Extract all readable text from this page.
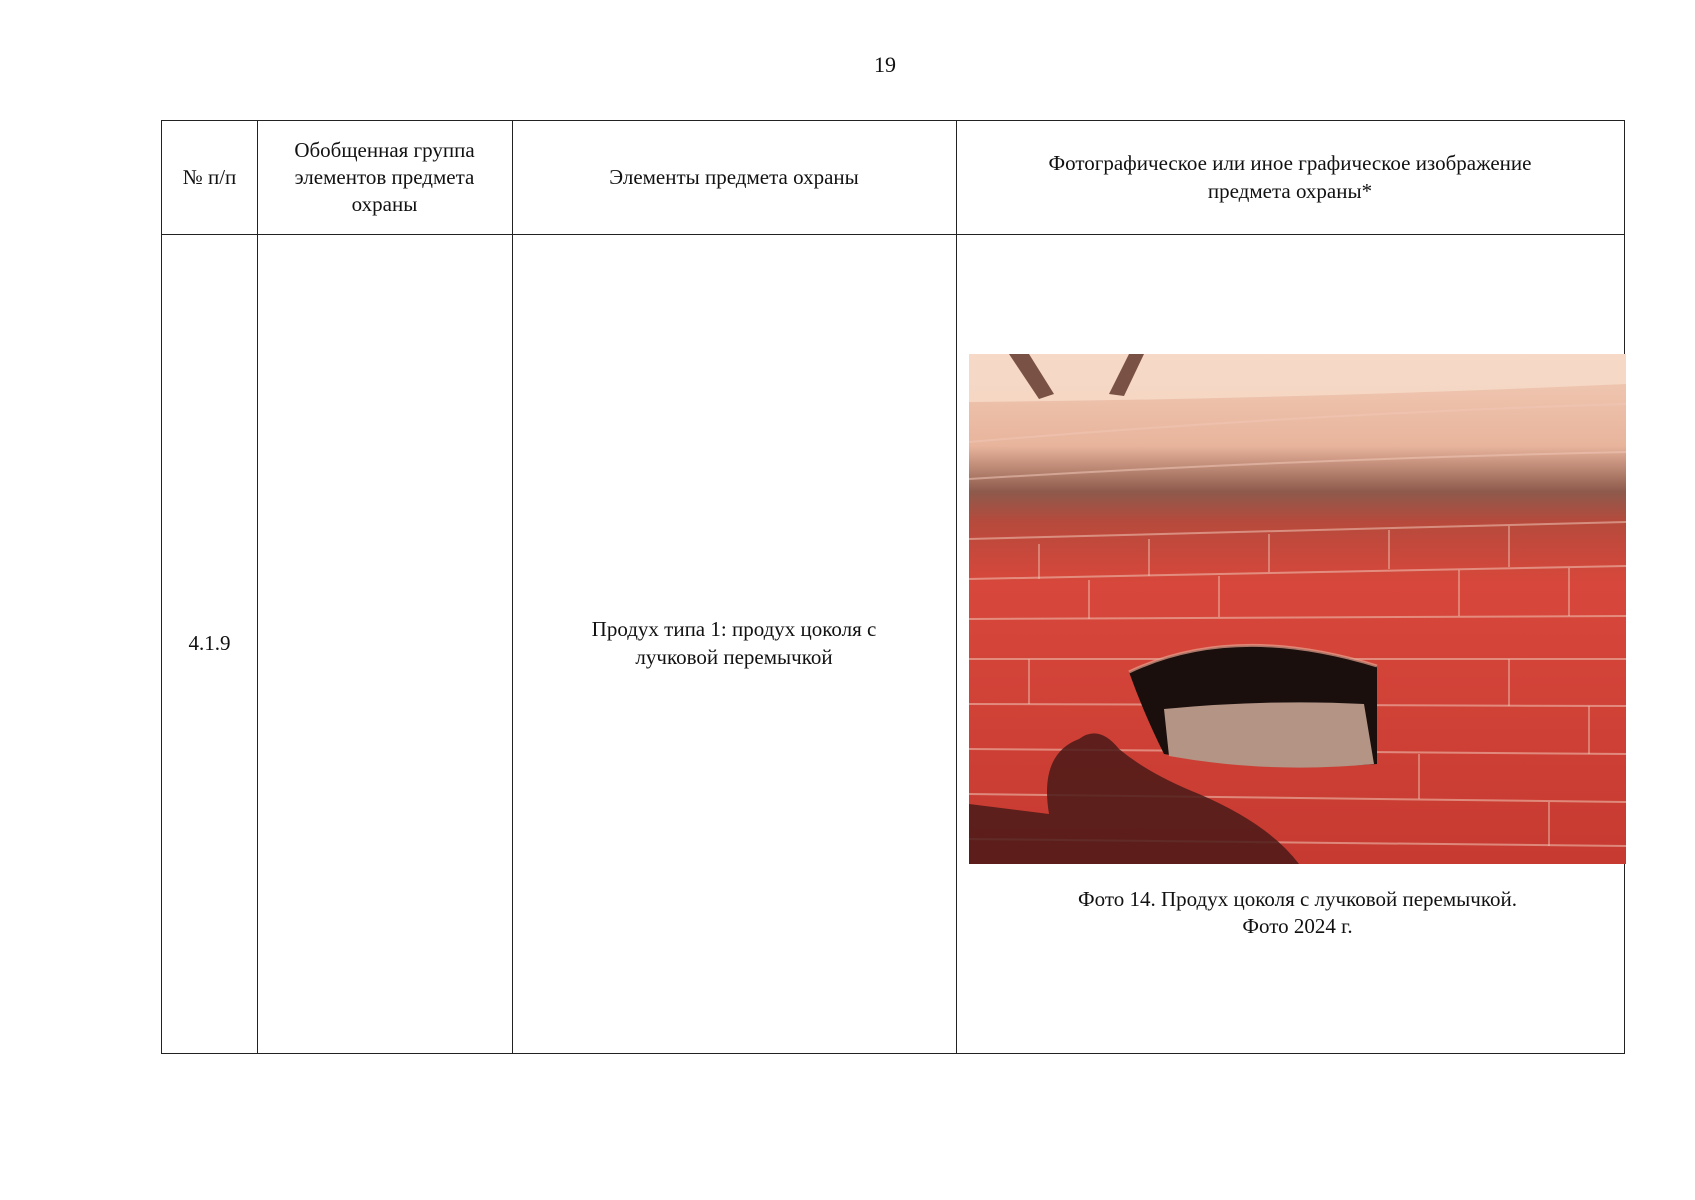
19
№ п/п
Обобщенная группа элементов предмета охраны
Элементы предмета охраны
Фотографическое или иное графическое изображение предмета охраны*
4.1.9
Продух типа 1: продух цоколя с лучковой перемычкой
Фото 14. Продух цоколя с лучковой перемычкой.
Фото 2024 г.
